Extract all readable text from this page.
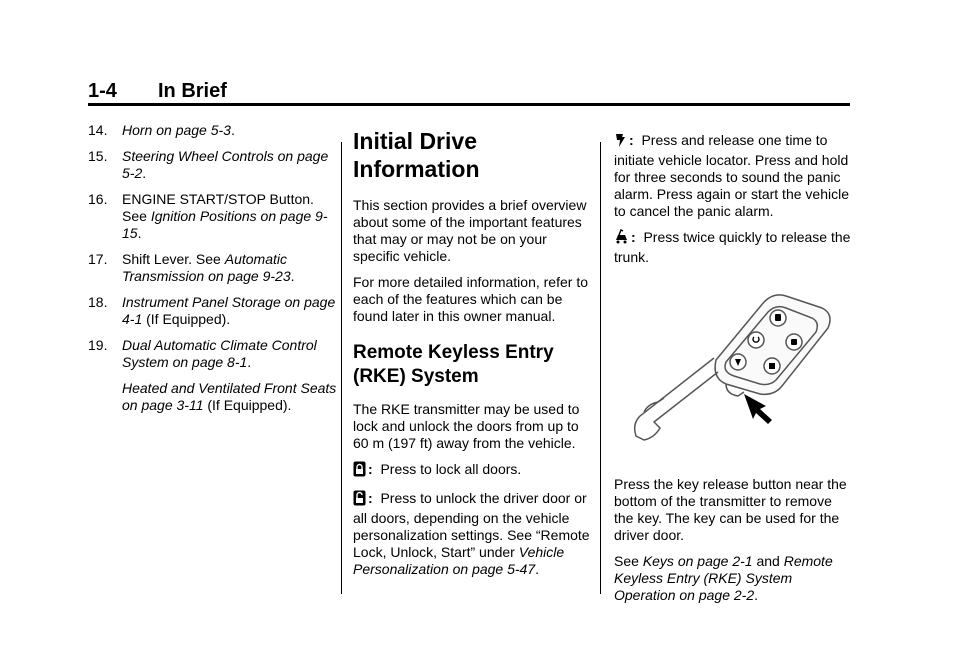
1-4 In Brief
14. Horn on page 5-3.
15. Steering Wheel Controls on page 5-2.
16. ENGINE START/STOP Button. See Ignition Positions on page 9-15.
17. Shift Lever. See Automatic Transmission on page 9-23.
18. Instrument Panel Storage on page 4-1 (If Equipped).
19. Dual Automatic Climate Control System on page 8-1.
Heated and Ventilated Front Seats on page 3-11 (If Equipped).
Initial Drive Information

This section provides a brief overview about some of the important features that may or may not be on your specific vehicle.

For more detailed information, refer to each of the features which can be found later in this owner manual.

Remote Keyless Entry (RKE) System

The RKE transmitter may be used to lock and unlock the doors from up to 60 m (197 ft) away from the vehicle.

: Press to lock all doors.

: Press to unlock the driver door or all doors, depending on the vehicle personalization settings. See “Remote Lock, Unlock, Start” under Vehicle Personalization on page 5-47.

: Press and release one time to initiate vehicle locator. Press and hold for three seconds to sound the panic alarm. Press again or start the vehicle to cancel the panic alarm.

: Press twice quickly to release the trunk.

Press the key release button near the bottom of the transmitter to remove the key. The key can be used for the driver door.

See Keys on page 2-1 and Remote Keyless Entry (RKE) System Operation on page 2-2.
